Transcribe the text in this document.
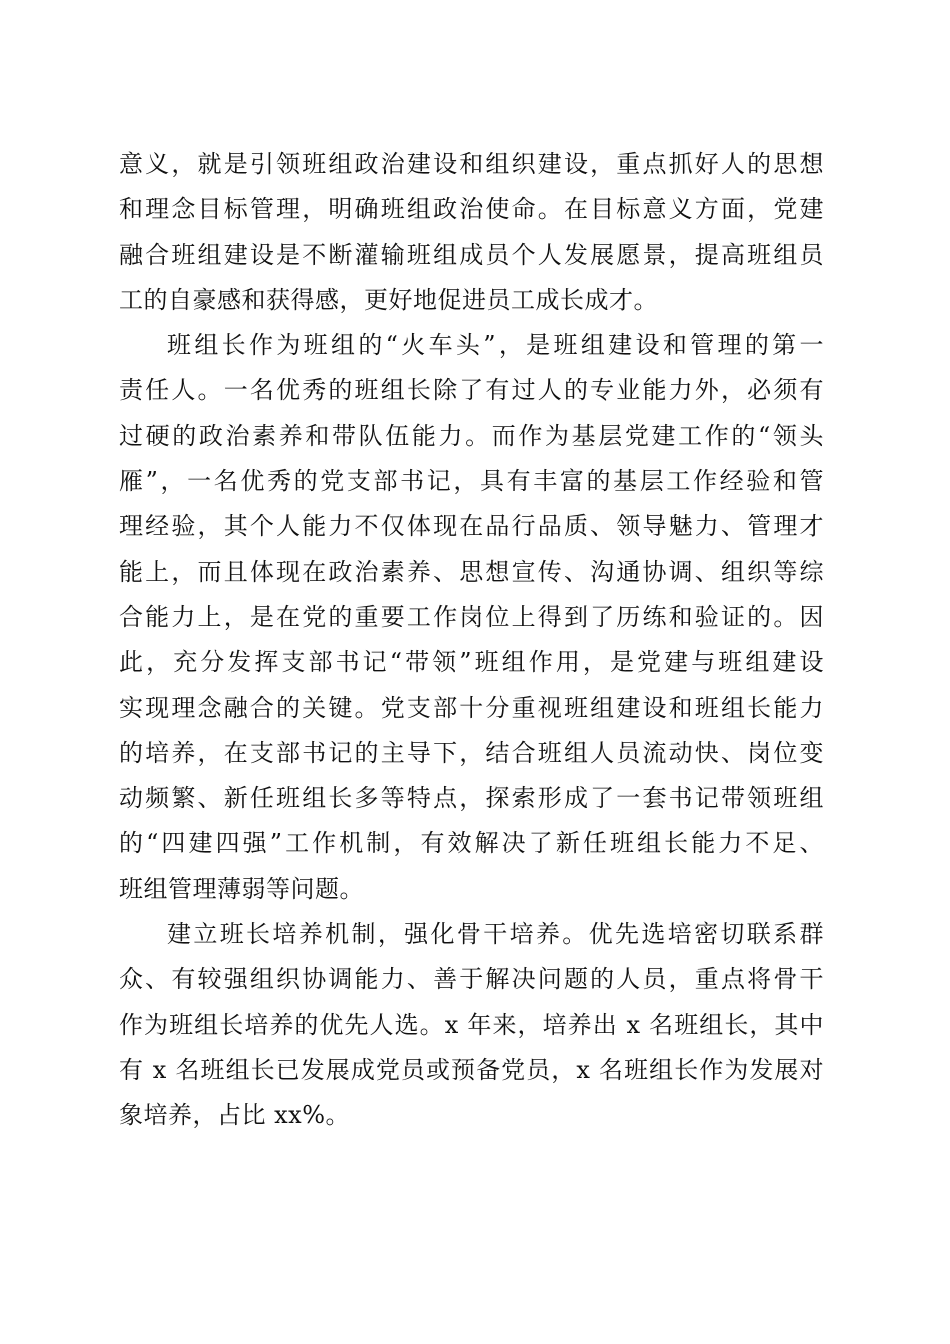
意义，就是引领班组政治建设和组织建设，重点抓好人的思想
和理念目标管理，明确班组政治使命。在目标意义方面，党建
融合班组建设是不断灌输班组成员个人发展愿景，提高班组员
工的自豪感和获得感，更好地促进员工成长成才。
班组长作为班组的“火车头”，是班组建设和管理的第一
责任人。一名优秀的班组长除了有过人的专业能力外，必须有
过硬的政治素养和带队伍能力。而作为基层党建工作的“领头
雁”，一名优秀的党支部书记，具有丰富的基层工作经验和管
理经验，其个人能力不仅体现在品行品质、领导魅力、管理才
能上，而且体现在政治素养、思想宣传、沟通协调、组织等综
合能力上，是在党的重要工作岗位上得到了历练和验证的。因
此，充分发挥支部书记“带领”班组作用，是党建与班组建设
实现理念融合的关键。党支部十分重视班组建设和班组长能力
的培养，在支部书记的主导下，结合班组人员流动快、岗位变
动频繁、新任班组长多等特点，探索形成了一套书记带领班组
的“四建四强”工作机制，有效解决了新任班组长能力不足、
班组管理薄弱等问题。
建立班长培养机制，强化骨干培养。优先选培密切联系群
众、有较强组织协调能力、善于解决问题的人员，重点将骨干
作为班组长培养的优先人选。x 年来，培养出 x 名班组长，其中
有 x 名班组长已发展成党员或预备党员，x 名班组长作为发展对
象培养，占比 xx%。
